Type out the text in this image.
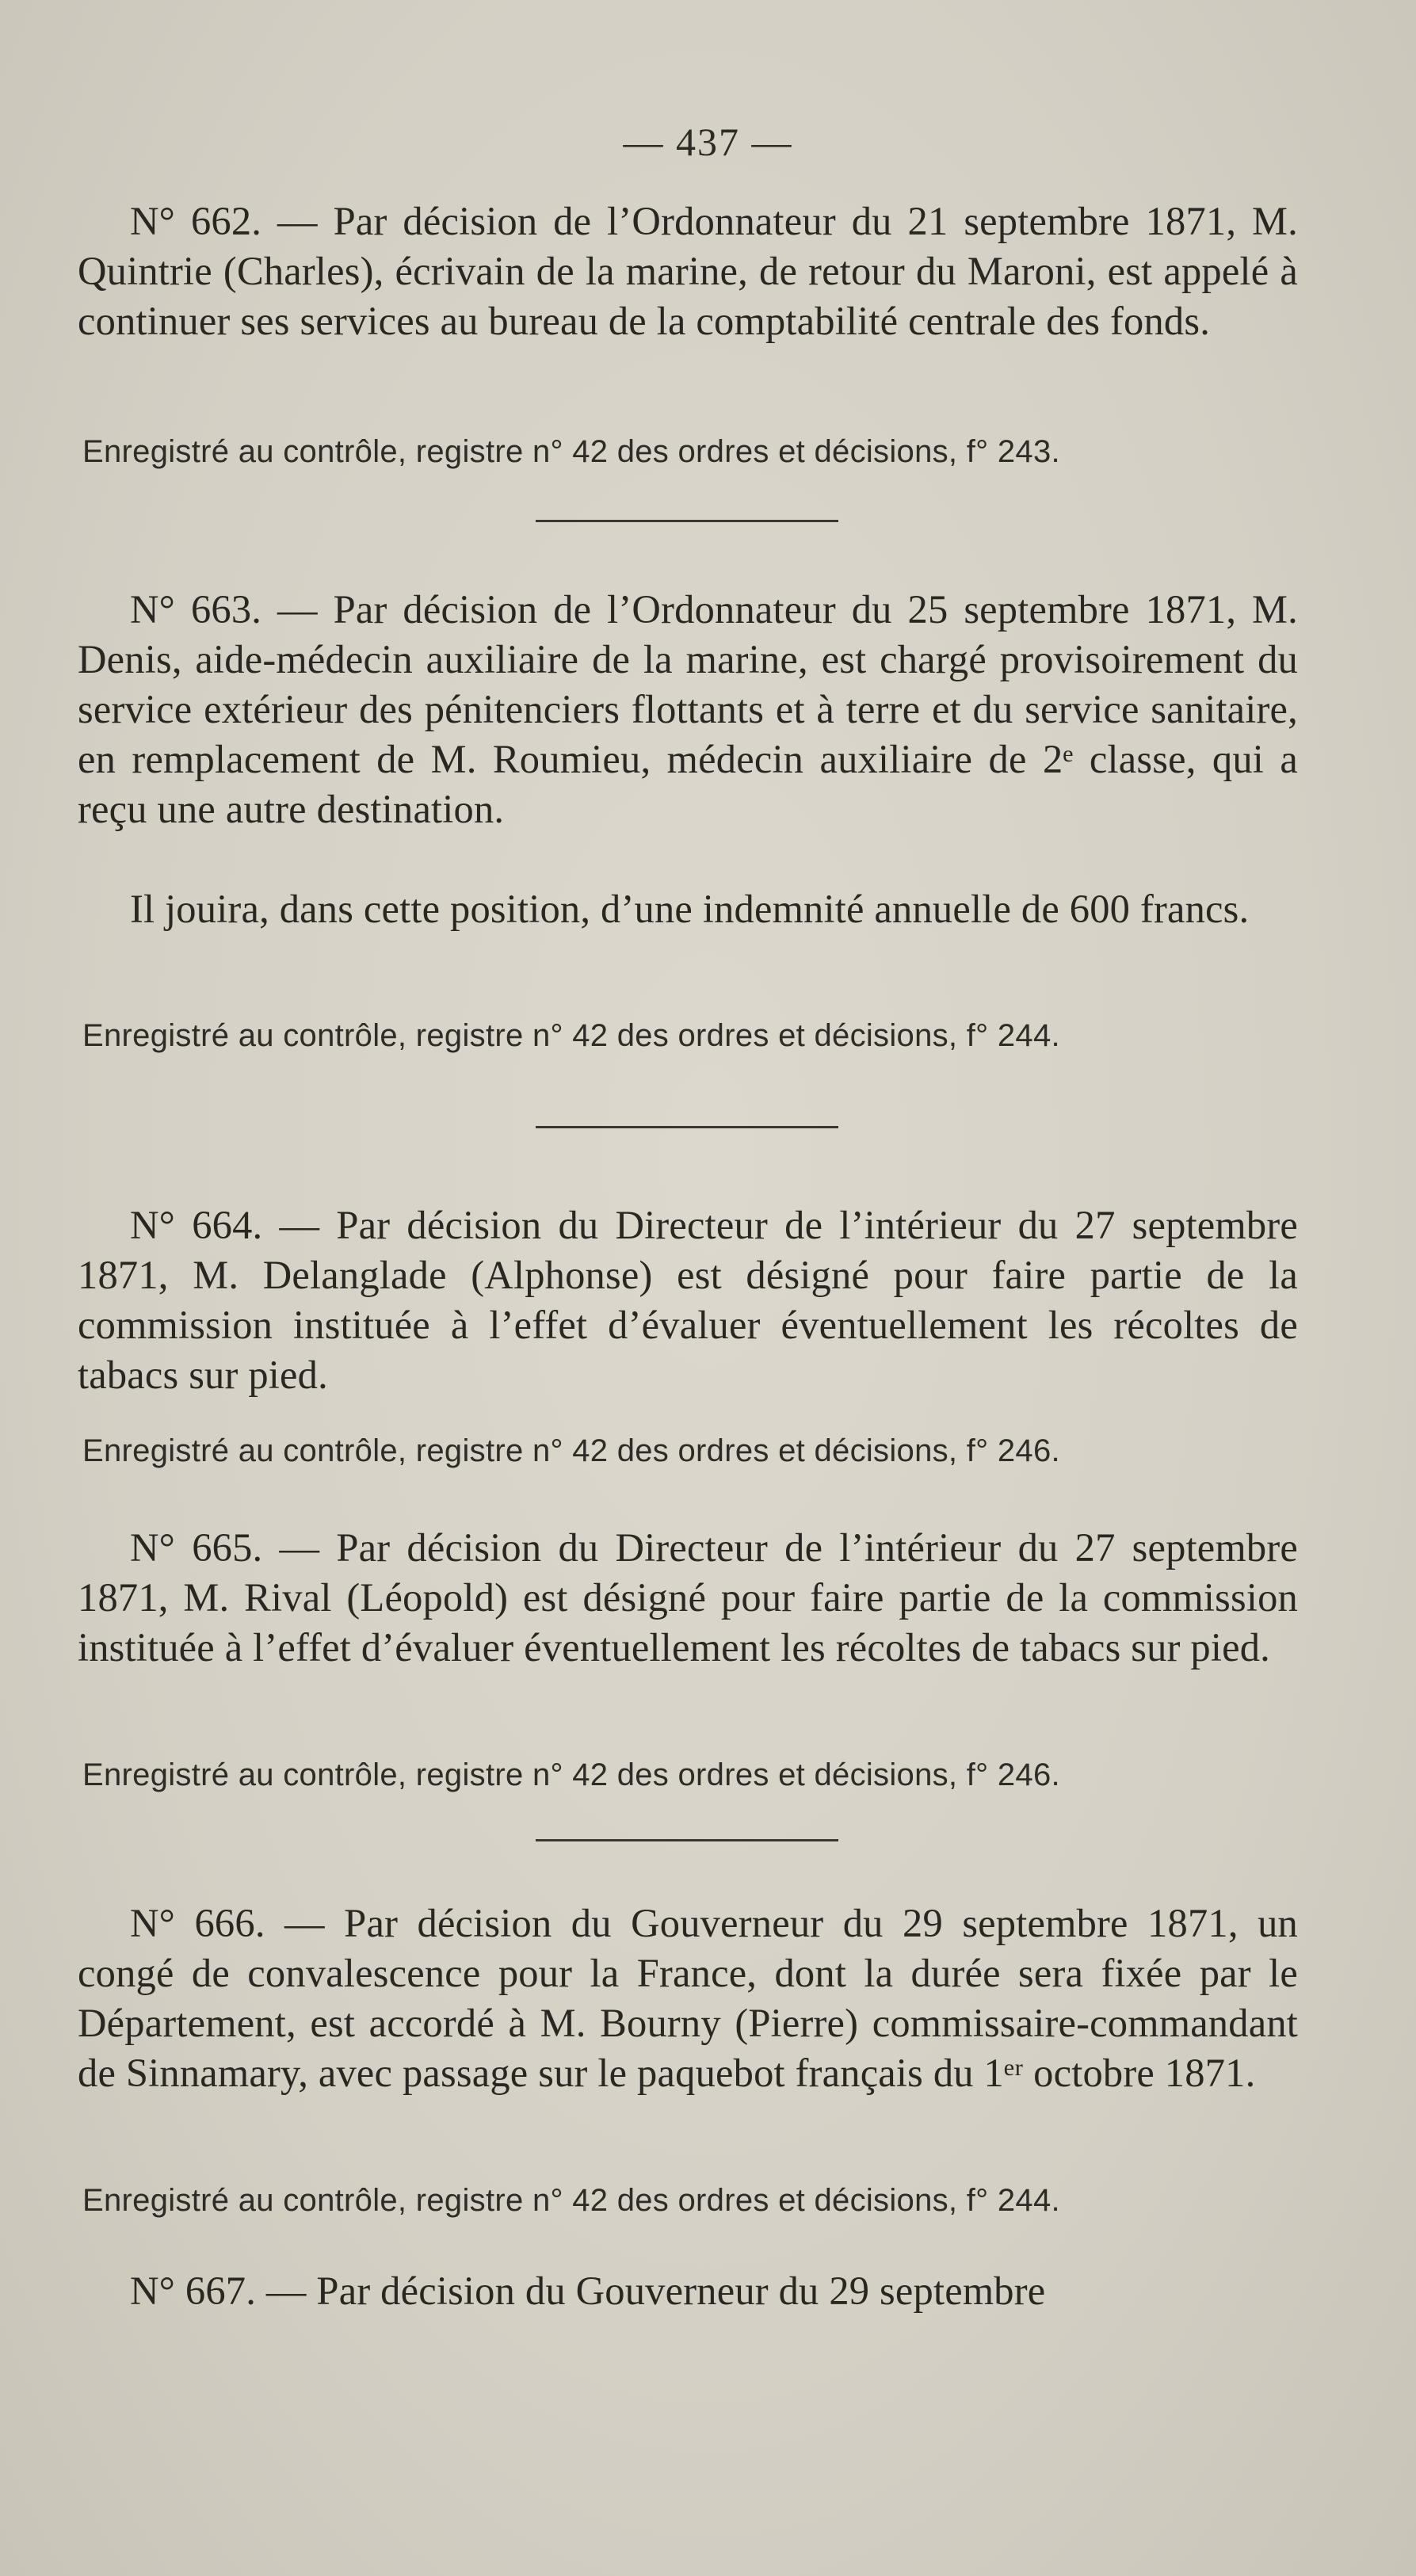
— 437 —

N° 662. — Par décision de l’Ordonnateur du 21 septembre 1871, M. Quintrie (Charles), écrivain de la marine, de retour du Maroni, est appelé à continuer ses services au bureau de la comptabilité centrale des fonds.

Enregistré au contrôle, registre n° 42 des ordres et décisions, f° 243.

N° 663. — Par décision de l’Ordonnateur du 25 septembre 1871, M. Denis, aide-médecin auxiliaire de la marine, est chargé provisoirement du service extérieur des pénitenciers flottants et à terre et du service sanitaire, en remplacement de M. Roumieu, médecin auxiliaire de 2ᵉ classe, qui a reçu une autre destination.

Il jouira, dans cette position, d’une indemnité annuelle de 600 francs.

Enregistré au contrôle, registre n° 42 des ordres et décisions, f° 244.

N° 664. — Par décision du Directeur de l’intérieur du 27 septembre 1871, M. Delanglade (Alphonse) est désigné pour faire partie de la commission instituée à l’effet d’évaluer éventuellement les récoltes de tabacs sur pied.

Enregistré au contrôle, registre n° 42 des ordres et décisions, f° 246.

N° 665. — Par décision du Directeur de l’intérieur du 27 septembre 1871, M. Rival (Léopold) est désigné pour faire partie de la commission instituée à l’effet d’évaluer éventuellement les récoltes de tabacs sur pied.

Enregistré au contrôle, registre n° 42 des ordres et décisions, f° 246.

N° 666. — Par décision du Gouverneur du 29 septembre 1871, un congé de convalescence pour la France, dont la durée sera fixée par le Département, est accordé à M. Bourny (Pierre) commissaire-commandant de Sinnamary, avec passage sur le paquebot français du 1ᵉʳ octobre 1871.

Enregistré au contrôle, registre n° 42 des ordres et décisions, f° 244.

N° 667. — Par décision du Gouverneur du 29 septembre
